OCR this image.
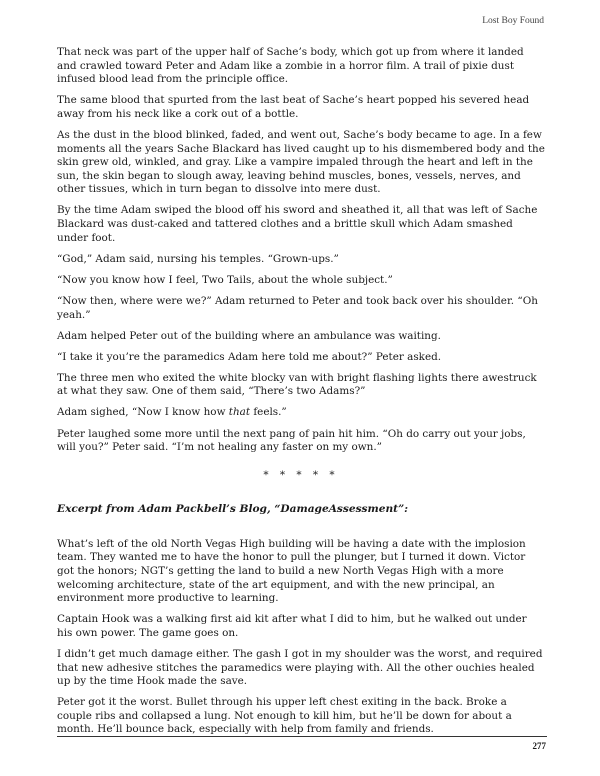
Lost Boy Found

That neck was part of the upper half of Sache’s body, which got up from where it landed and crawled toward Peter and Adam like a zombie in a horror film. A trail of pixie dust infused blood lead from the principle office.

The same blood that spurted from the last beat of Sache’s heart popped his severed head away from his neck like a cork out of a bottle.

As the dust in the blood blinked, faded, and went out, Sache’s body became to age. In a few moments all the years Sache Blackard has lived caught up to his dismembered body and the skin grew old, winkled, and gray. Like a vampire impaled through the heart and left in the sun, the skin began to slough away, leaving behind muscles, bones, vessels, nerves, and other tissues, which in turn began to dissolve into mere dust.

By the time Adam swiped the blood off his sword and sheathed it, all that was left of Sache Blackard was dust-caked and tattered clothes and a brittle skull which Adam smashed under foot.

“God,” Adam said, nursing his temples. “Grown-ups.”

“Now you know how I feel, Two Tails, about the whole subject.”

“Now then, where were we?” Adam returned to Peter and took back over his shoulder. “Oh yeah.”

Adam helped Peter out of the building where an ambulance was waiting.

“I take it you’re the paramedics Adam here told me about?” Peter asked.

The three men who exited the white blocky van with bright flashing lights there awestruck at what they saw. One of them said, “There’s two Adams?”

Adam sighed, “Now I know how that feels.”

Peter laughed some more until the next pang of pain hit him. “Oh do carry out your jobs, will you?” Peter said. “I’m not healing any faster on my own.”

* * * * *
Excerpt from Adam Packbell’s Blog, “DamageAssessment”:

What’s left of the old North Vegas High building will be having a date with the implosion team. They wanted me to have the honor to pull the plunger, but I turned it down. Victor got the honors; NGT’s getting the land to build a new North Vegas High with a more welcoming architecture, state of the art equipment, and with the new principal, an environment more productive to learning.

Captain Hook was a walking first aid kit after what I did to him, but he walked out under his own power. The game goes on.

I didn’t get much damage either. The gash I got in my shoulder was the worst, and required that new adhesive stitches the paramedics were playing with. All the other ouchies healed up by the time Hook made the save.

Peter got it the worst. Bullet through his upper left chest exiting in the back. Broke a couple ribs and collapsed a lung. Not enough to kill him, but he’ll be down for about a month. He’ll bounce back, especially with help from family and friends.

277
